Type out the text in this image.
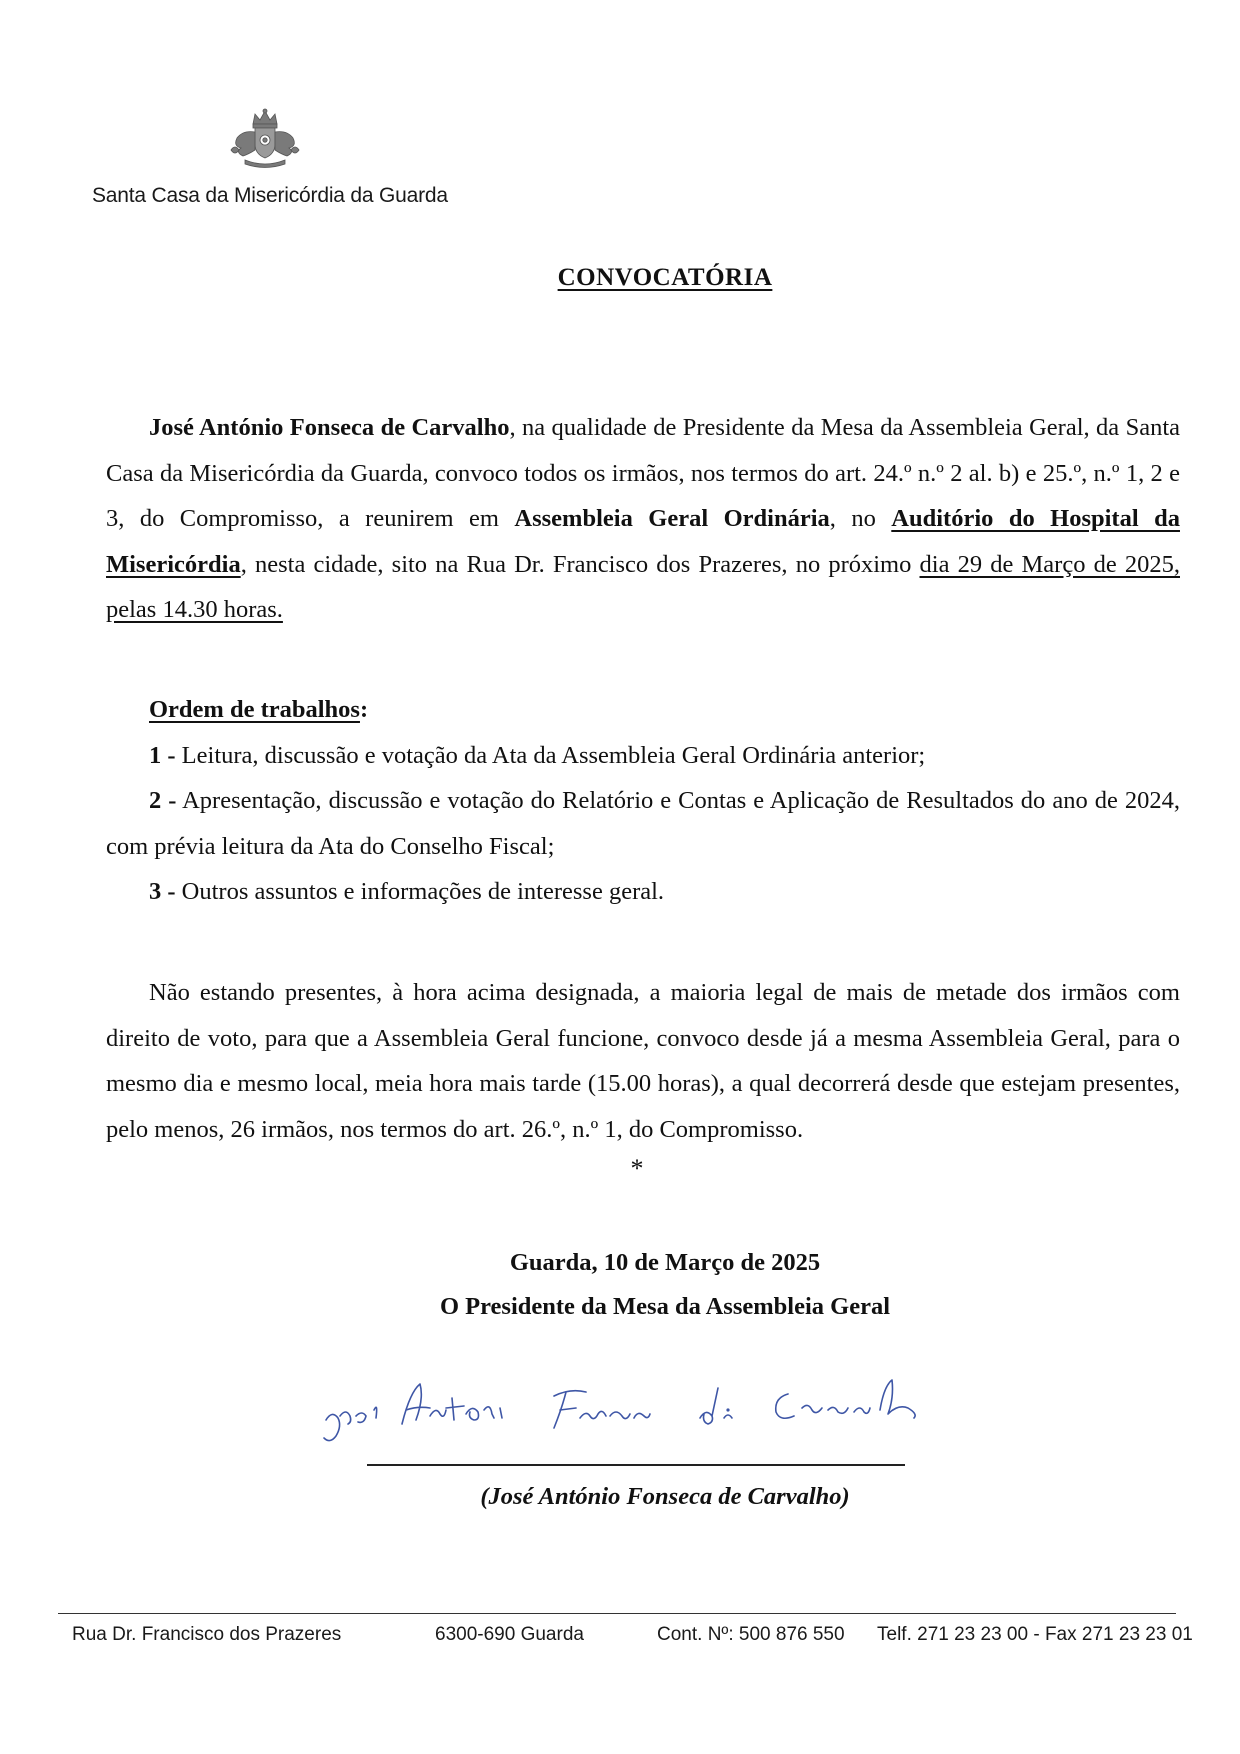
Santa Casa da Misericórdia da Guarda
CONVOCATÓRIA

José António Fonseca de Carvalho, na qualidade de Presidente da Mesa da Assembleia Geral, da Santa Casa da Misericórdia da Guarda, convoco todos os irmãos, nos termos do art. 24.º n.º 2 al. b) e 25.º, n.º 1, 2 e 3, do Compromisso, a reunirem em Assembleia Geral Ordinária, no Auditório do Hospital da Misericórdia, nesta cidade, sito na Rua Dr. Francisco dos Prazeres, no próximo dia 29 de Março de 2025, pelas 14.30 horas.

Ordem de trabalhos:

1 - Leitura, discussão e votação da Ata da Assembleia Geral Ordinária anterior;

2 - Apresentação, discussão e votação do Relatório e Contas e Aplicação de Resultados do ano de 2024, com prévia leitura da Ata do Conselho Fiscal;

3 - Outros assuntos e informações de interesse geral.

Não estando presentes, à hora acima designada, a maioria legal de mais de metade dos irmãos com direito de voto, para que a Assembleia Geral funcione, convoco desde já a mesma Assembleia Geral, para o mesmo dia e mesmo local, meia hora mais tarde (15.00 horas), a qual decorrerá desde que estejam presentes, pelo menos, 26 irmãos, nos termos do art. 26.º, n.º 1, do Compromisso.

*
Guarda, 10 de Março de 2025
O Presidente da Mesa da Assembleia Geral
(José António Fonseca de Carvalho)
Rua Dr. Francisco dos Prazeres	6300-690 Guarda	Cont. Nº: 500 876 550 Telf. 271 23 23 00 - Fax 271 23 23 01
